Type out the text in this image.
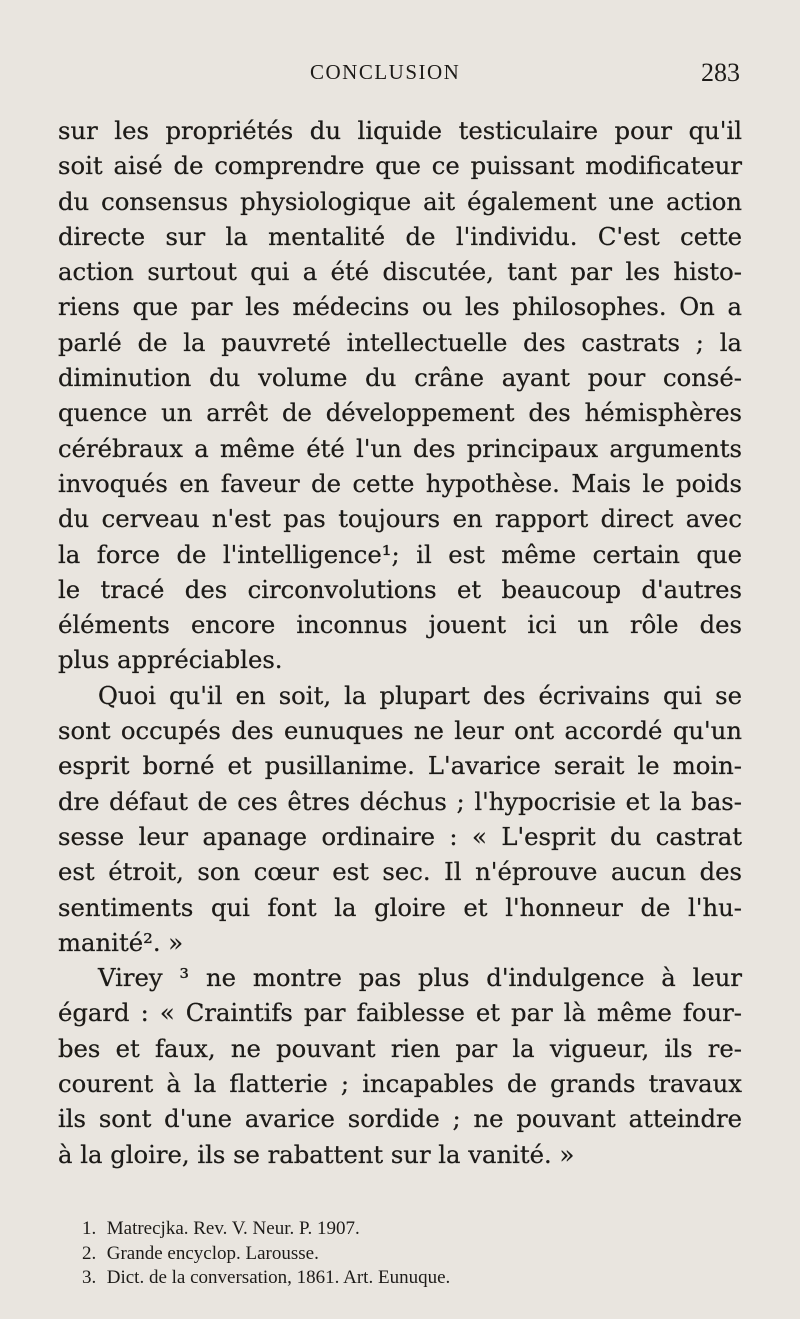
CONCLUSION	283
sur les propriétés du liquide testiculaire pour qu'il
soit aisé de comprendre que ce puissant modificateur
du consensus physiologique ait également une action
directe sur la mentalité de l'individu. C'est cette
action surtout qui a été discutée, tant par les histo-
riens que par les médecins ou les philosophes. On a
parlé de la pauvreté intellectuelle des castrats ; la
diminution du volume du crâne ayant pour consé-
quence un arrêt de développement des hémisphères
cérébraux a même été l'un des principaux arguments
invoqués en faveur de cette hypothèse. Mais le poids
du cerveau n'est pas toujours en rapport direct avec
la force de l'intelligence¹; il est même certain que
le tracé des circonvolutions et beaucoup d'autres
éléments encore inconnus jouent ici un rôle des
plus appréciables.
Quoi qu'il en soit, la plupart des écrivains qui se
sont occupés des eunuques ne leur ont accordé qu'un
esprit borné et pusillanime. L'avarice serait le moin-
dre défaut de ces êtres déchus ; l'hypocrisie et la bas-
sesse leur apanage ordinaire : « L'esprit du castrat
est étroit, son cœur est sec. Il n'éprouve aucun des
sentiments qui font la gloire et l'honneur de l'hu-
manité². »
Virey ³ ne montre pas plus d'indulgence à leur
égard : « Craintifs par faiblesse et par là même four-
bes et faux, ne pouvant rien par la vigueur, ils re-
courent à la flatterie ; incapables de grands travaux
ils sont d'une avarice sordide ; ne pouvant atteindre
à la gloire, ils se rabattent sur la vanité. »
1. Matrecjka. Rev. V. Neur. P. 1907.
2. Grande encyclop. Larousse.
3. Dict. de la conversation, 1861. Art. Eunuque.
